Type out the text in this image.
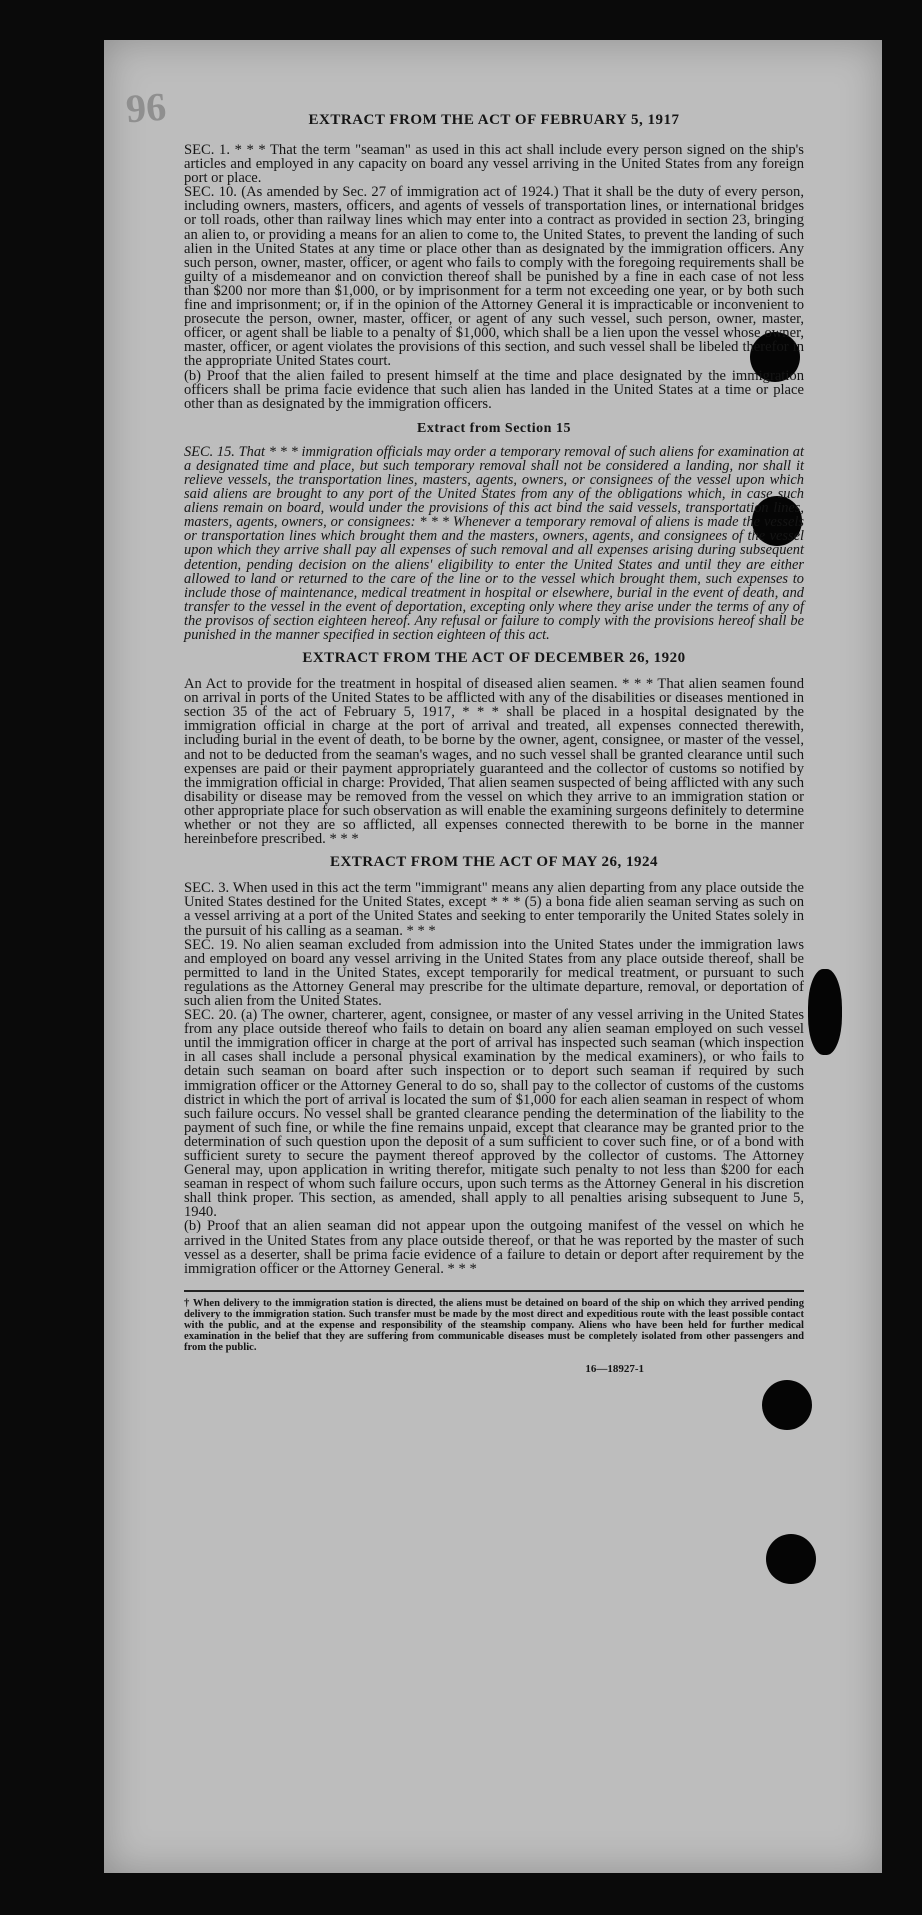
96	EXTRACT FROM THE ACT OF FEBRUARY 5, 1917

SEC. 1. * * * That the term "seaman" as used in this act shall include every person signed on the ship's articles and employed in any capacity on board any vessel arriving in the United States from any foreign port or place.

SEC. 10. (As amended by Sec. 27 of immigration act of 1924.) That it shall be the duty of every person, including owners, masters, officers, and agents of vessels of transportation lines, or international bridges or toll roads, other than railway lines which may enter into a contract as provided in section 23, bringing an alien to, or providing a means for an alien to come to, the United States, to prevent the landing of such alien in the United States at any time or place other than as designated by the immigration officers. Any such person, owner, master, officer, or agent who fails to comply with the foregoing requirements shall be guilty of a misdemeanor and on conviction thereof shall be punished by a fine in each case of not less than $200 nor more than $1,000, or by imprisonment for a term not exceeding one year, or by both such fine and imprisonment; or, if in the opinion of the Attorney General it is impracticable or inconvenient to prosecute the person, owner, master, officer, or agent of any such vessel, such person, owner, master, officer, or agent shall be liable to a penalty of $1,000, which shall be a lien upon the vessel whose owner, master, officer, or agent violates the provisions of this section, and such vessel shall be libeled therefor in the appropriate United States court.

(b) Proof that the alien failed to present himself at the time and place designated by the immigration officers shall be prima facie evidence that such alien has landed in the United States at a time or place other than as designated by the immigration officers.

Extract from Section 15

SEC. 15. That * * * immigration officials may order a temporary removal of such aliens for examination at a designated time and place, but such temporary removal shall not be considered a landing, nor shall it relieve vessels, the transportation lines, masters, agents, owners, or consignees of the vessel upon which said aliens are brought to any port of the United States from any of the obligations which, in case such aliens remain on board, would under the provisions of this act bind the said vessels, transportation lines, masters, agents, owners, or consignees: * * * Whenever a temporary removal of aliens is made the vessels or transportation lines which brought them and the masters, owners, agents, and consignees of the vessel upon which they arrive shall pay all expenses of such removal and all expenses arising during subsequent detention, pending decision on the aliens' eligibility to enter the United States and until they are either allowed to land or returned to the care of the line or to the vessel which brought them, such expenses to include those of maintenance, medical treatment in hospital or elsewhere, burial in the event of death, and transfer to the vessel in the event of deportation, excepting only where they arise under the terms of any of the provisos of section eighteen hereof. Any refusal or failure to comply with the provisions hereof shall be punished in the manner specified in section eighteen of this act.

EXTRACT FROM THE ACT OF DECEMBER 26, 1920

An Act to provide for the treatment in hospital of diseased alien seamen. * * * That alien seamen found on arrival in ports of the United States to be afflicted with any of the disabilities or diseases mentioned in section 35 of the act of February 5, 1917, * * * shall be placed in a hospital designated by the immigration official in charge at the port of arrival and treated, all expenses connected therewith, including burial in the event of death, to be borne by the owner, agent, consignee, or master of the vessel, and not to be deducted from the seaman's wages, and no such vessel shall be granted clearance until such expenses are paid or their payment appropriately guaranteed and the collector of customs so notified by the immigration official in charge: Provided, That alien seamen suspected of being afflicted with any such disability or disease may be removed from the vessel on which they arrive to an immigration station or other appropriate place for such observation as will enable the examining surgeons definitely to determine whether or not they are so afflicted, all expenses connected therewith to be borne in the manner hereinbefore prescribed. * * *

EXTRACT FROM THE ACT OF MAY 26, 1924

SEC. 3. When used in this act the term "immigrant" means any alien departing from any place outside the United States destined for the United States, except * * * (5) a bona fide alien seaman serving as such on a vessel arriving at a port of the United States and seeking to enter temporarily the United States solely in the pursuit of his calling as a seaman. * * *

SEC. 19. No alien seaman excluded from admission into the United States under the immigration laws and employed on board any vessel arriving in the United States from any place outside thereof, shall be permitted to land in the United States, except temporarily for medical treatment, or pursuant to such regulations as the Attorney General may prescribe for the ultimate departure, removal, or deportation of such alien from the United States.

SEC. 20. (a) The owner, charterer, agent, consignee, or master of any vessel arriving in the United States from any place outside thereof who fails to detain on board any alien seaman employed on such vessel until the immigration officer in charge at the port of arrival has inspected such seaman (which inspection in all cases shall include a personal physical examination by the medical examiners), or who fails to detain such seaman on board after such inspection or to deport such seaman if required by such immigration officer or the Attorney General to do so, shall pay to the collector of customs of the customs district in which the port of arrival is located the sum of $1,000 for each alien seaman in respect of whom such failure occurs. No vessel shall be granted clearance pending the determination of the liability to the payment of such fine, or while the fine remains unpaid, except that clearance may be granted prior to the determination of such question upon the deposit of a sum sufficient to cover such fine, or of a bond with sufficient surety to secure the payment thereof approved by the collector of customs. The Attorney General may, upon application in writing therefor, mitigate such penalty to not less than $200 for each seaman in respect of whom such failure occurs, upon such terms as the Attorney General in his discretion shall think proper. This section, as amended, shall apply to all penalties arising subsequent to June 5, 1940.

(b) Proof that an alien seaman did not appear upon the outgoing manifest of the vessel on which he arrived in the United States from any place outside thereof, or that he was reported by the master of such vessel as a deserter, shall be prima facie evidence of a failure to detain or deport after requirement by the immigration officer or the Attorney General. * * *

† When delivery to the immigration station is directed, the aliens must be detained on board of the ship on which they arrived pending delivery to the immigration station. Such transfer must be made by the most direct and expeditious route with the least possible contact with the public, and at the expense and responsibility of the steamship company. Aliens who have been held for further medical examination in the belief that they are suffering from communicable diseases must be completely isolated from other passengers and from the public.

16—18927-1
